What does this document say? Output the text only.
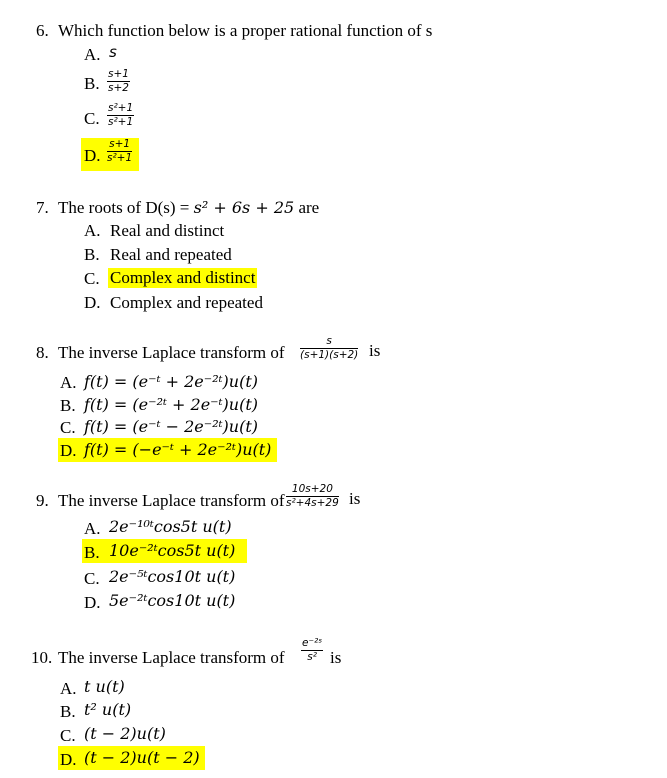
6. Which function below is a proper rational function of s
A. s
B. s+1
s+2
C.
s²+1
s²+1
D.
s+1
s²+1
7. The roots of D(s) = s² + 6s + 25 are
A. Real and distinct
B. Real and repeated
C. Complex and distinct
D. Complex and repeated
8. The inverse Laplace transform of
s
(s+1)(s+2) is
A. f(t) = (e⁻ᵗ + 2e⁻²ᵗ)u(t)
B. f(t) = (e⁻²ᵗ + 2e⁻ᵗ)u(t)
C. f(t) = (e⁻ᵗ − 2e⁻²ᵗ)u(t)
D. f(t) = (−e⁻ᵗ + 2e⁻²ᵗ)u(t)
9. The inverse Laplace transform of
10s+20
s²+4s+29 is
A. 2e⁻¹⁰ᵗcos5t u(t)
B. 10e⁻²ᵗcos5t u(t)
C. 2e⁻⁵ᵗcos10t u(t)
D. 5e⁻²ᵗcos10t u(t)
10. The inverse Laplace transform of
e⁻²ˢ
s² is
A. t u(t)
B. t² u(t)
C. (t − 2)u(t)
D. (t − 2)u(t − 2)
